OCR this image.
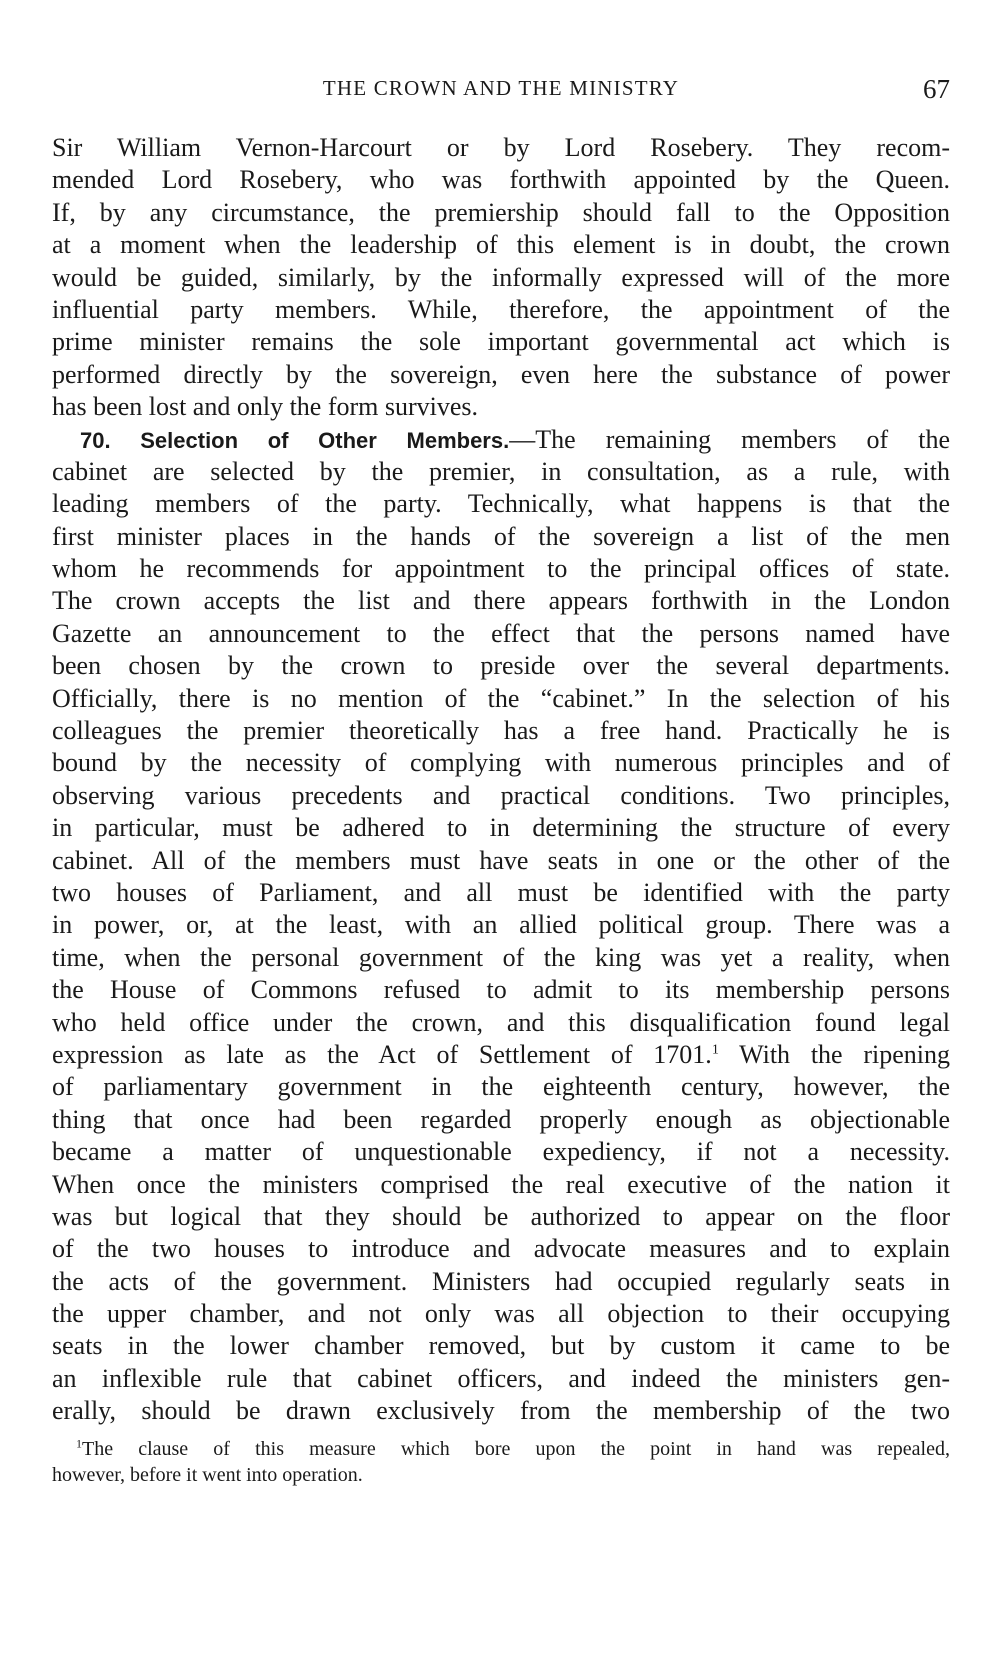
THE CROWN AND THE MINISTRY	67
Sir William Vernon-Harcourt or by Lord Rosebery. They recom-
mended Lord Rosebery, who was forthwith appointed by the Queen.
If, by any circumstance, the premiership should fall to the Opposition
at a moment when the leadership of this element is in doubt, the crown
would be guided, similarly, by the informally expressed will of the more
influential party members. While, therefore, the appointment of the
prime minister remains the sole important governmental act which is
performed directly by the sovereign, even here the substance of power
has been lost and only the form survives.
70. Selection of Other Members.—The remaining members of the
cabinet are selected by the premier, in consultation, as a rule, with
leading members of the party. Technically, what happens is that the
first minister places in the hands of the sovereign a list of the men
whom he recommends for appointment to the principal offices of state.
The crown accepts the list and there appears forthwith in the London
Gazette an announcement to the effect that the persons named have
been chosen by the crown to preside over the several departments.
Officially, there is no mention of the “cabinet.” In the selection of his
colleagues the premier theoretically has a free hand. Practically he is
bound by the necessity of complying with numerous principles and of
observing various precedents and practical conditions. Two principles,
in particular, must be adhered to in determining the structure of every
cabinet. All of the members must have seats in one or the other of the
two houses of Parliament, and all must be identified with the party
in power, or, at the least, with an allied political group. There was a
time, when the personal government of the king was yet a reality, when
the House of Commons refused to admit to its membership persons
who held office under the crown, and this disqualification found legal
expression as late as the Act of Settlement of 1701.$^1$ With the ripening
of parliamentary government in the eighteenth century, however, the
thing that once had been regarded properly enough as objectionable
became a matter of unquestionable expediency, if not a necessity.
When once the ministers comprised the real executive of the nation it
was but logical that they should be authorized to appear on the floor
of the two houses to introduce and advocate measures and to explain
the acts of the government. Ministers had occupied regularly seats in
the upper chamber, and not only was all objection to their occupying
seats in the lower chamber removed, but by custom it came to be
an inflexible rule that cabinet officers, and indeed the ministers gen-
erally, should be drawn exclusively from the membership of the two
$^1$The clause of this measure which bore upon the point in hand was repealed,
however, before it went into operation.
